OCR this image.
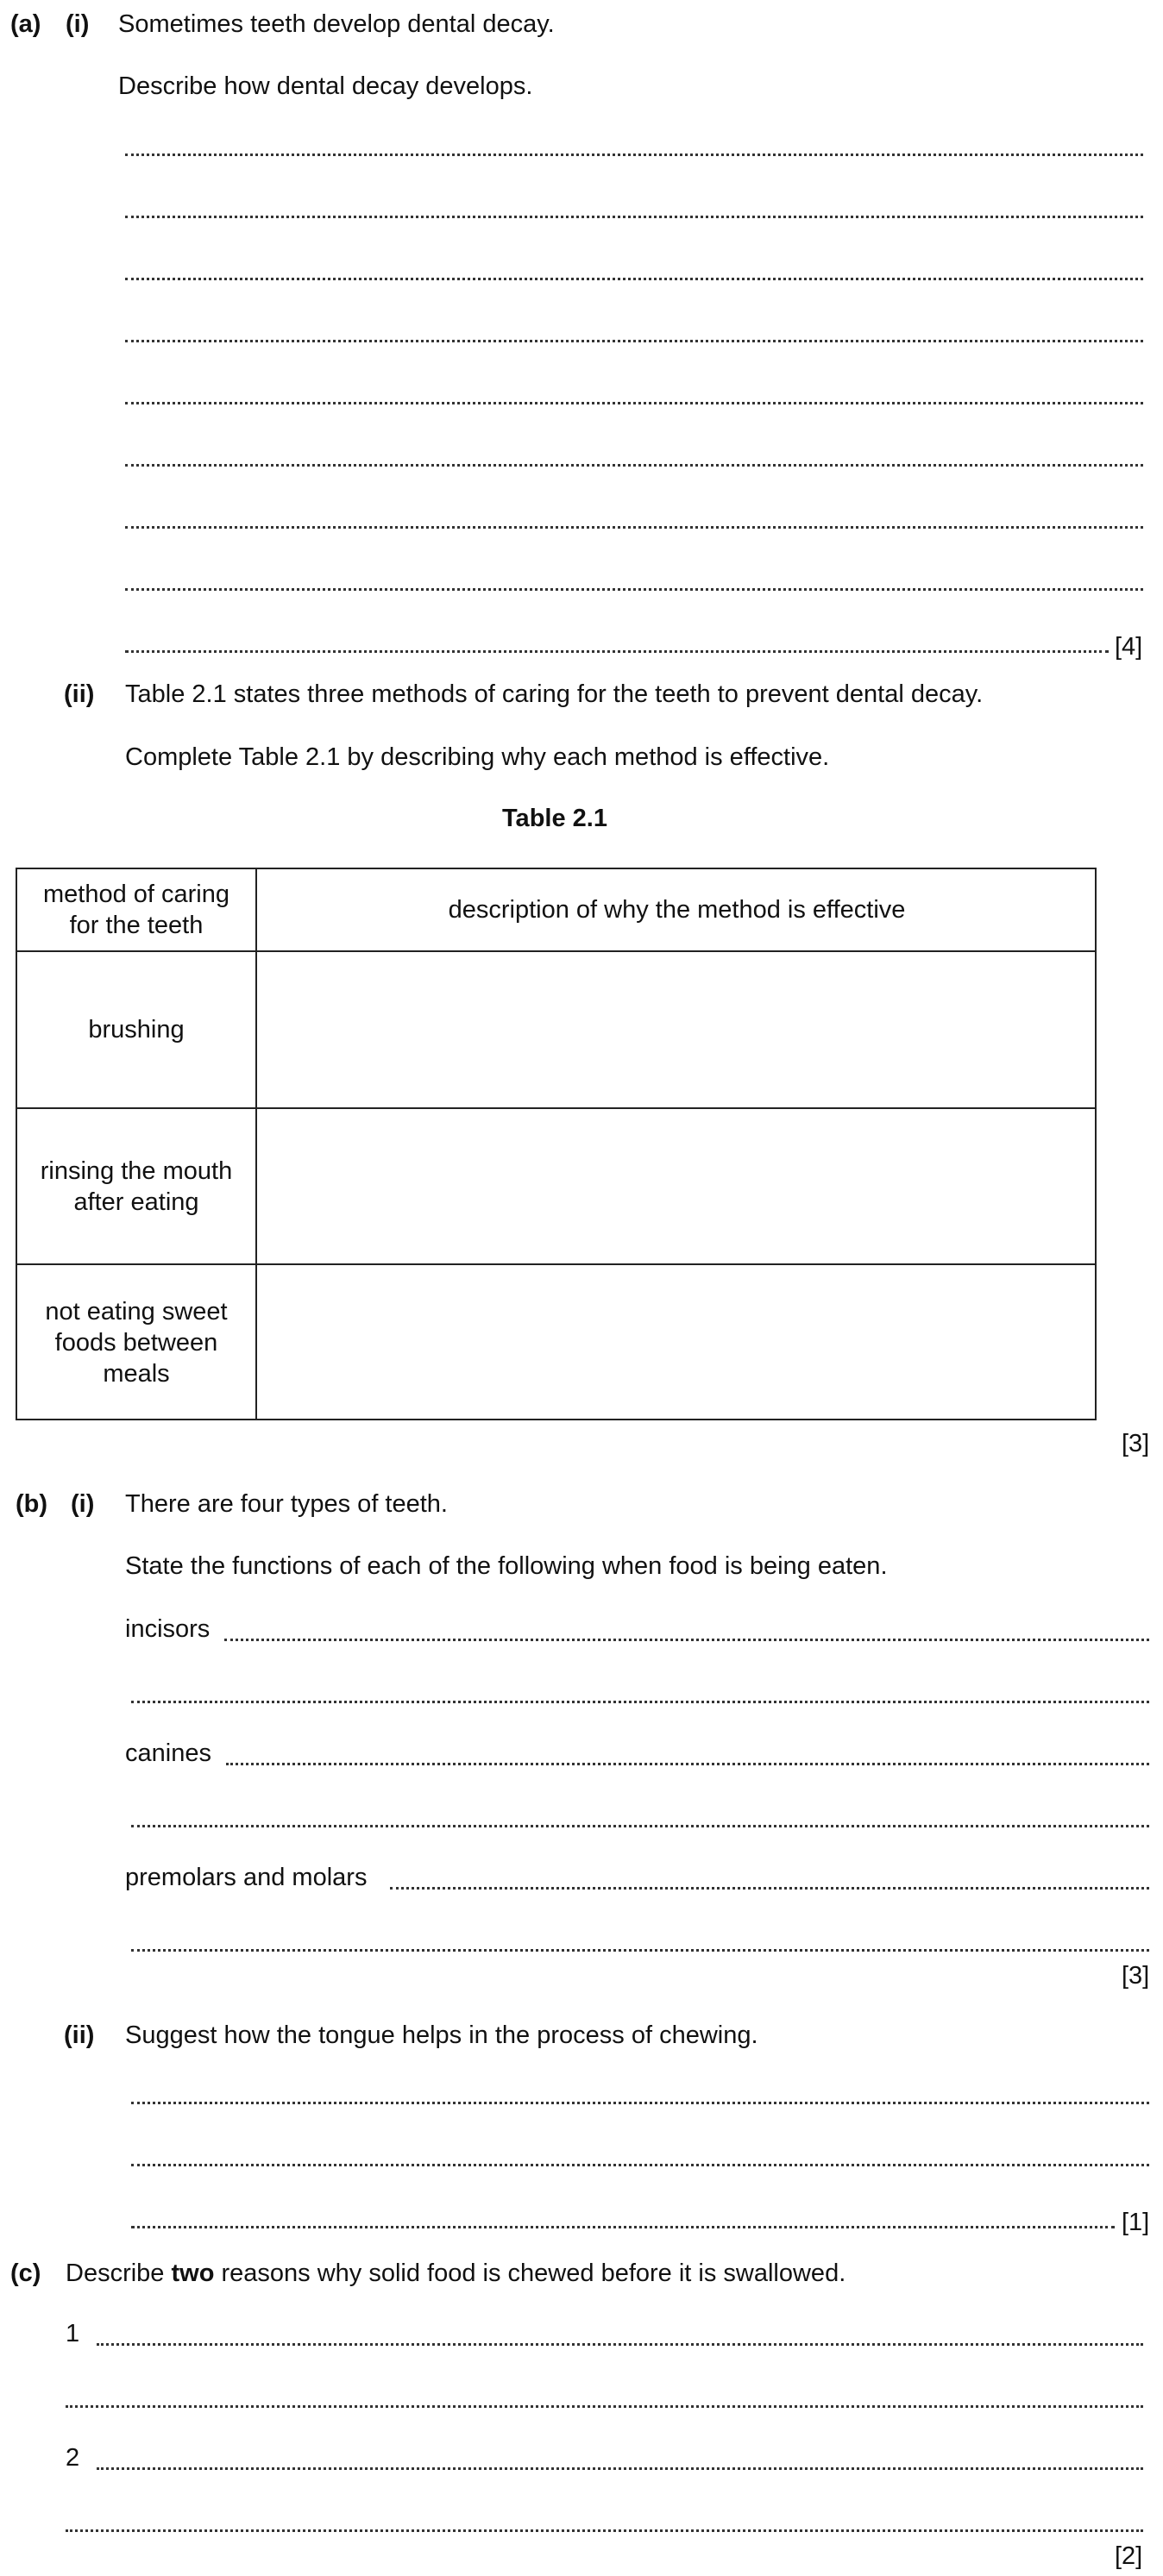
(a) (i) Sometimes teeth develop dental decay.
Describe how dental decay develops.
[4]
(ii) Table 2.1 states three methods of caring for the teeth to prevent dental decay.
Complete Table 2.1 by describing why each method is effective.
Table 2.1
method of caring
for the teeth
description of why the method is effective
brushing
rinsing the mouth
after eating
not eating sweet
foods between
meals
[3]
(b) (i) There are four types of teeth.
State the functions of each of the following when food is being eaten.
incisors
canines
premolars and molars
[3]
(ii) Suggest how the tongue helps in the process of chewing.
[1]
(c) Describe two reasons why solid food is chewed before it is swallowed.
1
2
[2]
